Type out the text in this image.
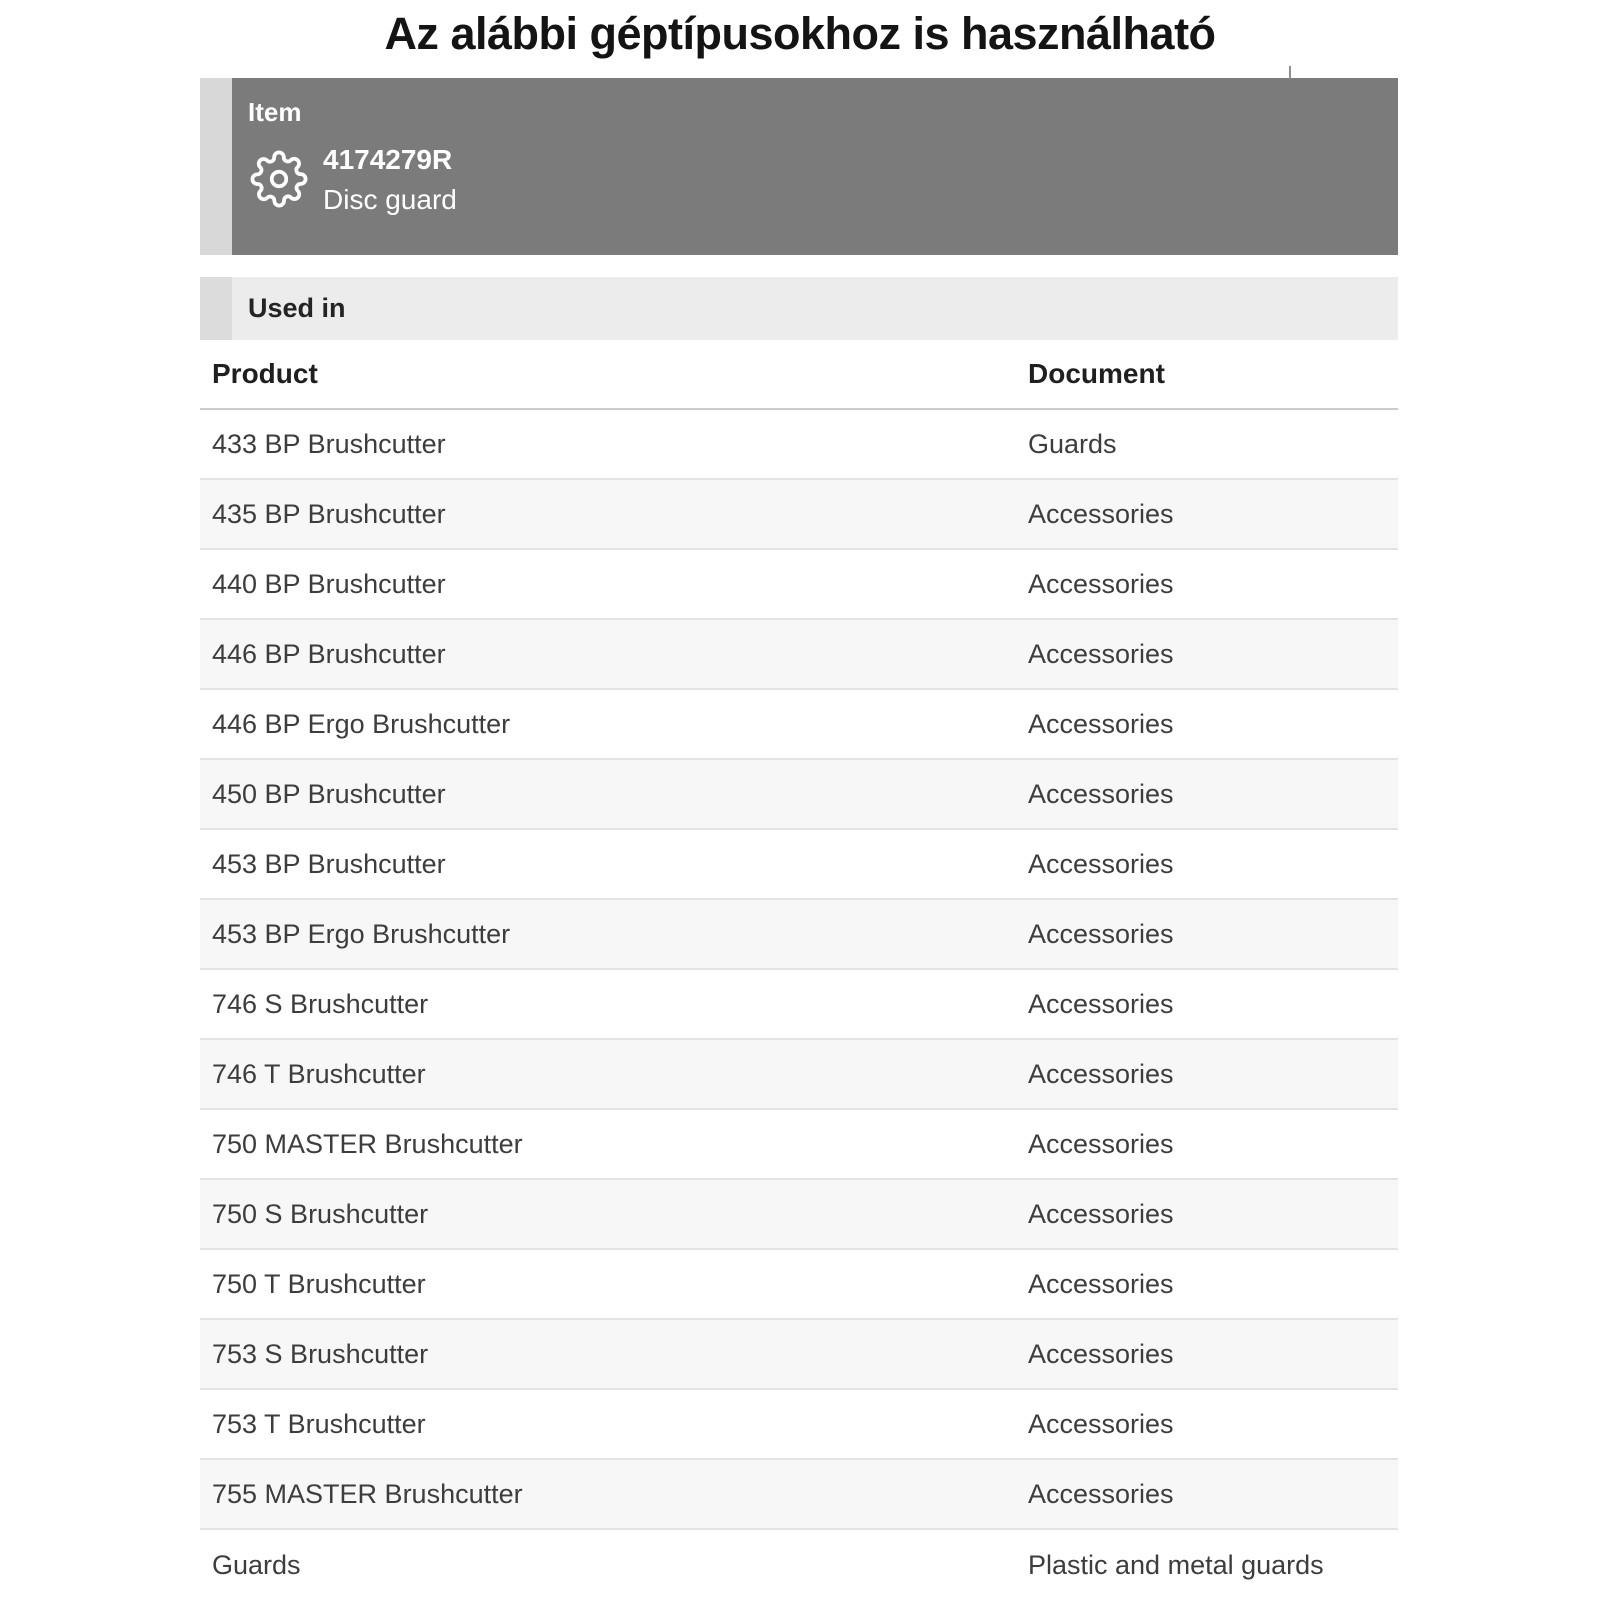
Az alábbi géptípusokhoz is használható
Item
4174279R
Disc guard
Used in
Product	Document
433 BP Brushcutter	Guards
435 BP Brushcutter	Accessories
440 BP Brushcutter	Accessories
446 BP Brushcutter	Accessories
446 BP Ergo Brushcutter	Accessories
450 BP Brushcutter	Accessories
453 BP Brushcutter	Accessories
453 BP Ergo Brushcutter	Accessories
746 S Brushcutter	Accessories
746 T Brushcutter	Accessories
750 MASTER Brushcutter	Accessories
750 S Brushcutter	Accessories
750 T Brushcutter	Accessories
753 S Brushcutter	Accessories
753 T Brushcutter	Accessories
755 MASTER Brushcutter	Accessories
Guards	Plastic and metal guards
